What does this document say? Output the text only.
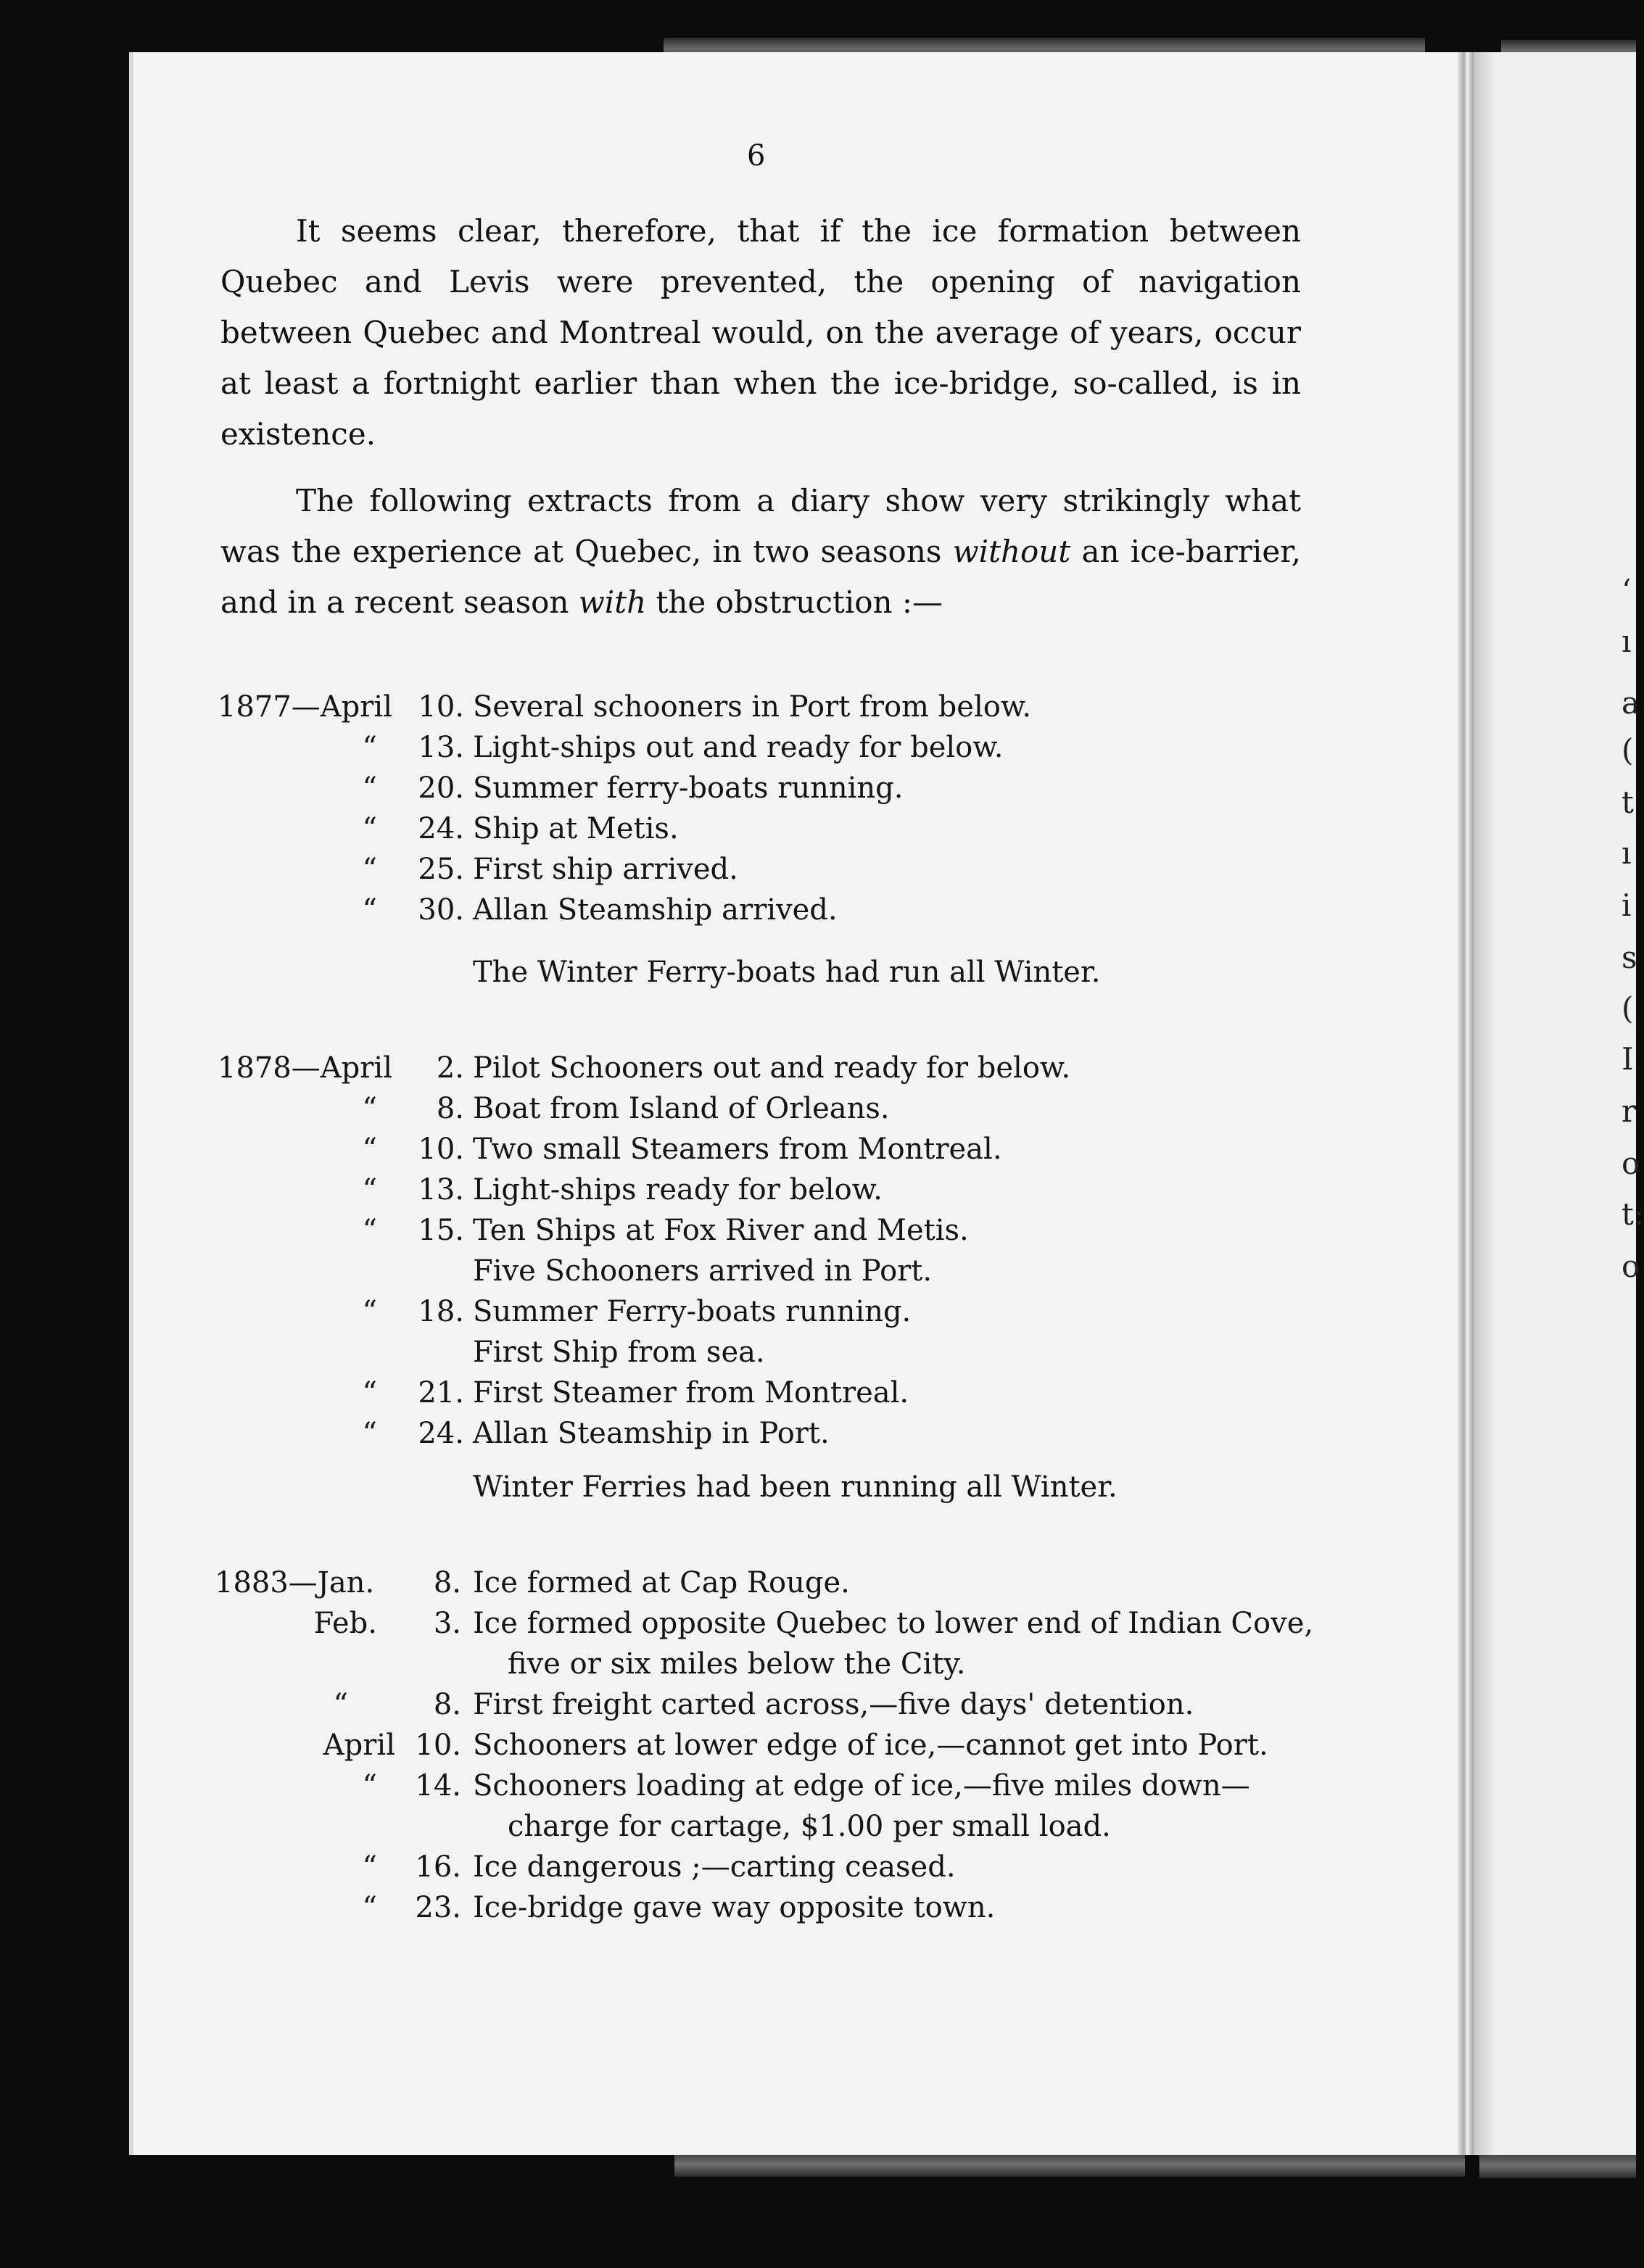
6
It seems clear, therefore, that if the ice formation between Quebec and Levis were prevented, the opening of navigation between Quebec and Montreal would, on the average of years, occur at least a fortnight earlier than when the ice-bridge, so-called, is in existence.
The following extracts from a diary show very strikingly what was the experience at Quebec, in two seasons without an ice-barrier, and in a recent season with the obstruction :—
1877—April 10. Several schooners in Port from below.
“	13. Light-ships out and ready for below.
“	20. Summer ferry-boats running.
“	24. Ship at Metis.
“	25. First ship arrived.
“	30. Allan Steamship arrived.
The Winter Ferry-boats had run all Winter.
1878—April	2. Pilot Schooners out and ready for below.
“	8. Boat from Island of Orleans.
“	10. Two small Steamers from Montreal.
“	13. Light-ships ready for below.
“	15. Ten Ships at Fox River and Metis.
Five Schooners arrived in Port.
“	18. Summer Ferry-boats running.
First Ship from sea.
“	21. First Steamer from Montreal.
“	24. Allan Steamship in Port.
Winter Ferries had been running all Winter.
1883—Jan.	8. Ice formed at Cap Rouge.
Feb.	3. Ice formed opposite Quebec to lower end of Indian Cove,
five or six miles below the City.
“	8. First freight carted across,—five days' detention.
April 10. Schooners at lower edge of ice,—cannot get into Port.
“	14. Schooners loading at edge of ice,—five miles down—
charge for cartage, $1.00 per small load.
“	16. Ice dangerous ;—carting ceased.
“	23. Ice-bridge gave way opposite town.
‘
ı
a
(
t
ı
i
s
(
I
r
o
t:
o
